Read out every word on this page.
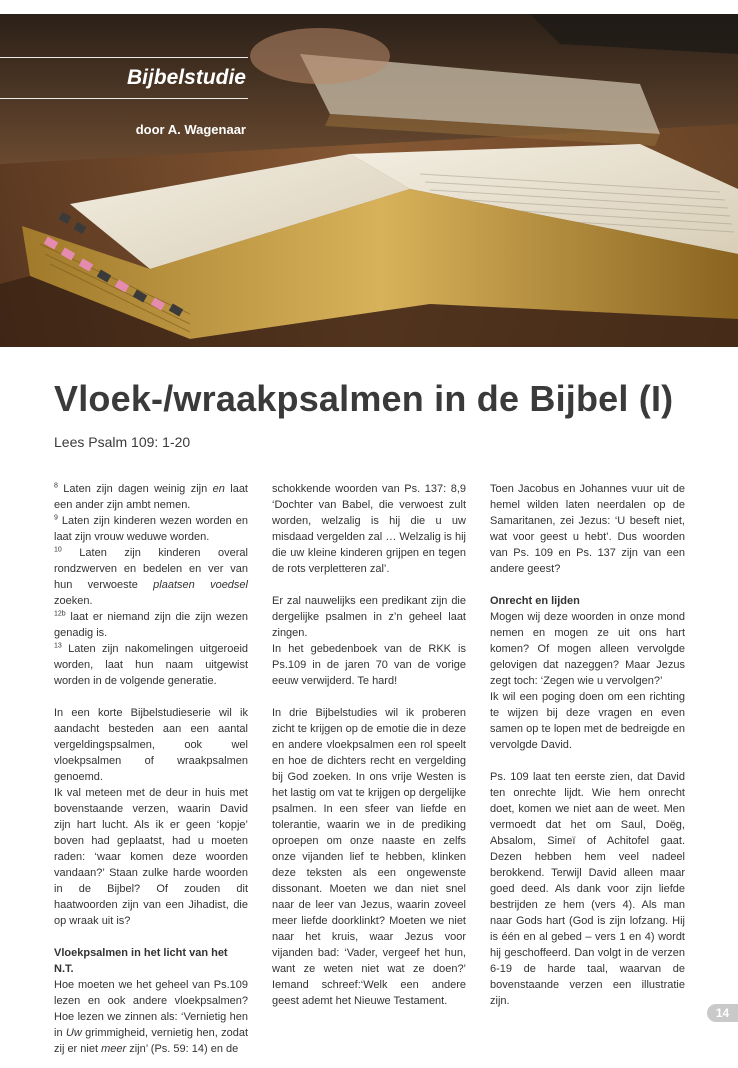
Bijbelstudie
door A. Wagenaar
Vloek-/wraakpsalmen in de Bijbel (I)

Lees Psalm 109: 1-20

$^8$ Laten zijn dagen weinig zijn en laat een ander zijn ambt nemen.

$^9$ Laten zijn kinderen wezen worden en laat zijn vrouw weduwe worden.

$^{10}$ Laten zijn kinderen overal rondzwerven en bedelen en ver van hun verwoeste plaatsen voedsel zoeken.

$^{12b}$ laat er niemand zijn die zijn wezen genadig is.

$^{13}$ Laten zijn nakomelingen uitgeroeid worden, laat hun naam uitgewist worden in de volgende generatie.

In een korte Bijbelstudieserie wil ik aandacht besteden aan een aantal vergeldingspsalmen, ook wel vloekpsalmen of wraakpsalmen genoemd.

Ik val meteen met de deur in huis met bovenstaande verzen, waarin David zijn hart lucht. Als ik er geen ‘kopje’ boven had geplaatst, had u moeten raden: ‘waar komen deze woorden vandaan?’ Staan zulke harde woorden in de Bijbel? Of zouden dit haatwoorden zijn van een Jihadist, die op wraak uit is?

Vloekpsalmen in het licht van het N.T.

Hoe moeten we het geheel van Ps.109 lezen en ook andere vloekpsalmen? Hoe lezen we zinnen als: ‘Vernietig hen in Uw grimmigheid, vernietig hen, zodat zij er niet meer zijn’ (Ps. 59: 14) en de

schokkende woorden van Ps. 137: 8,9 ‘Dochter van Babel, die verwoest zult worden, welzalig is hij die u uw misdaad vergelden zal … Welzalig is hij die uw kleine kinderen grijpen en tegen de rots verpletteren zal’.

Er zal nauwelijks een predikant zijn die dergelijke psalmen in z’n geheel laat zingen.

In het gebedenboek van de RKK is Ps.109 in de jaren 70 van de vorige eeuw verwijderd. Te hard!

In drie Bijbelstudies wil ik proberen zicht te krijgen op de emotie die in deze en andere vloekpsalmen een rol speelt en hoe de dichters recht en vergelding bij God zoeken. In ons vrije Westen is het lastig om vat te krijgen op dergelijke psalmen. In een sfeer van liefde en tolerantie, waarin we in de prediking oproepen om onze naaste en zelfs onze vijanden lief te hebben, klinken deze teksten als een ongewenste dissonant. Moeten we dan niet snel naar de leer van Jezus, waarin zoveel meer liefde doorklinkt? Moeten we niet naar het kruis, waar Jezus voor vijanden bad: ‘Vader, vergeef het hun, want ze weten niet wat ze doen?’ Iemand schreef:‘Welk een andere geest ademt het Nieuwe Testament.

Toen Jacobus en Johannes vuur uit de hemel wilden laten neerdalen op de Samaritanen, zei Jezus: ‘U beseft niet, wat voor geest u hebt’. Dus woorden van Ps. 109 en Ps. 137 zijn van een andere geest?

Onrecht en lijden

Mogen wij deze woorden in onze mond nemen en mogen ze uit ons hart komen? Of mogen alleen vervolgde gelovigen dat nazeggen? Maar Jezus zegt toch: ‘Zegen wie u vervolgen?’

Ik wil een poging doen om een richting te wijzen bij deze vragen en even samen op te lopen met de bedreigde en vervolgde David.

Ps. 109 laat ten eerste zien, dat David ten onrechte lijdt. Wie hem onrecht doet, komen we niet aan de weet. Men vermoedt dat het om Saul, Doëg, Absalom, Simeï of Achitofel gaat. Dezen hebben hem veel nadeel berokkend. Terwijl David alleen maar goed deed. Als dank voor zijn liefde bestrijden ze hem (vers 4). Als man naar Gods hart (God is zijn lofzang. Hij is één en al gebed – vers 1 en 4) wordt hij geschoffeerd. Dan volgt in de verzen 6-19 de harde taal, waarvan de bovenstaande verzen een illustratie zijn.

14
